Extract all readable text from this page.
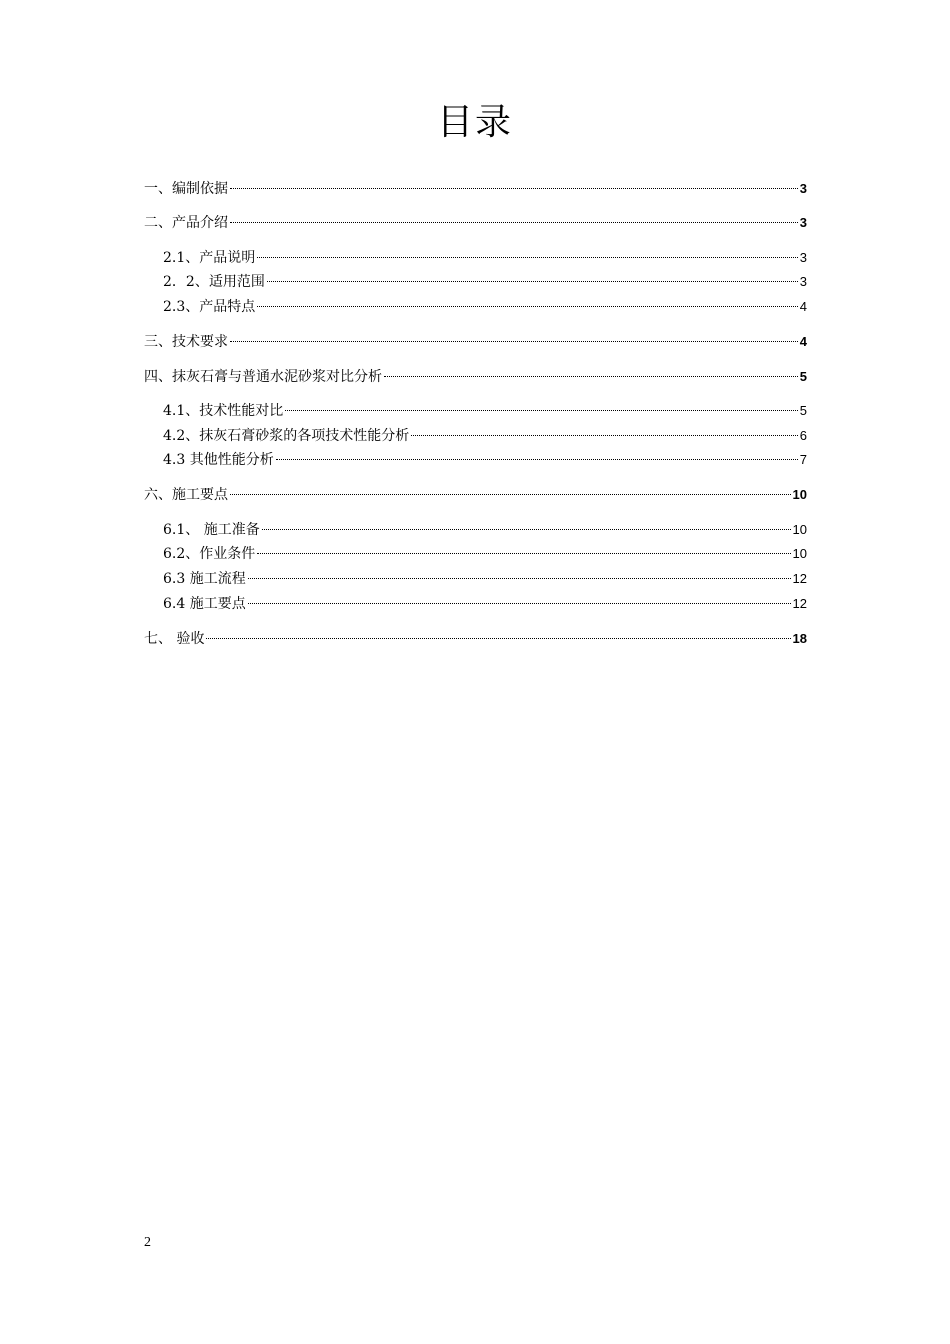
目录
一、编制依据	3
二、产品介绍	3
2.1、产品说明	3
2．2、适用范围	3
2.3、产品特点	4
三、技术要求	4
四、抹灰石膏与普通水泥砂浆对比分析	5
4.1、技术性能对比	5
4.2、抹灰石膏砂浆的各项技术性能分析	6
4.3 其他性能分析	7
六、施工要点	10
6.1、 施工准备	10
6.2、作业条件	10
6.3 施工流程	12
6.4 施工要点	12
七、 验收	18
2
